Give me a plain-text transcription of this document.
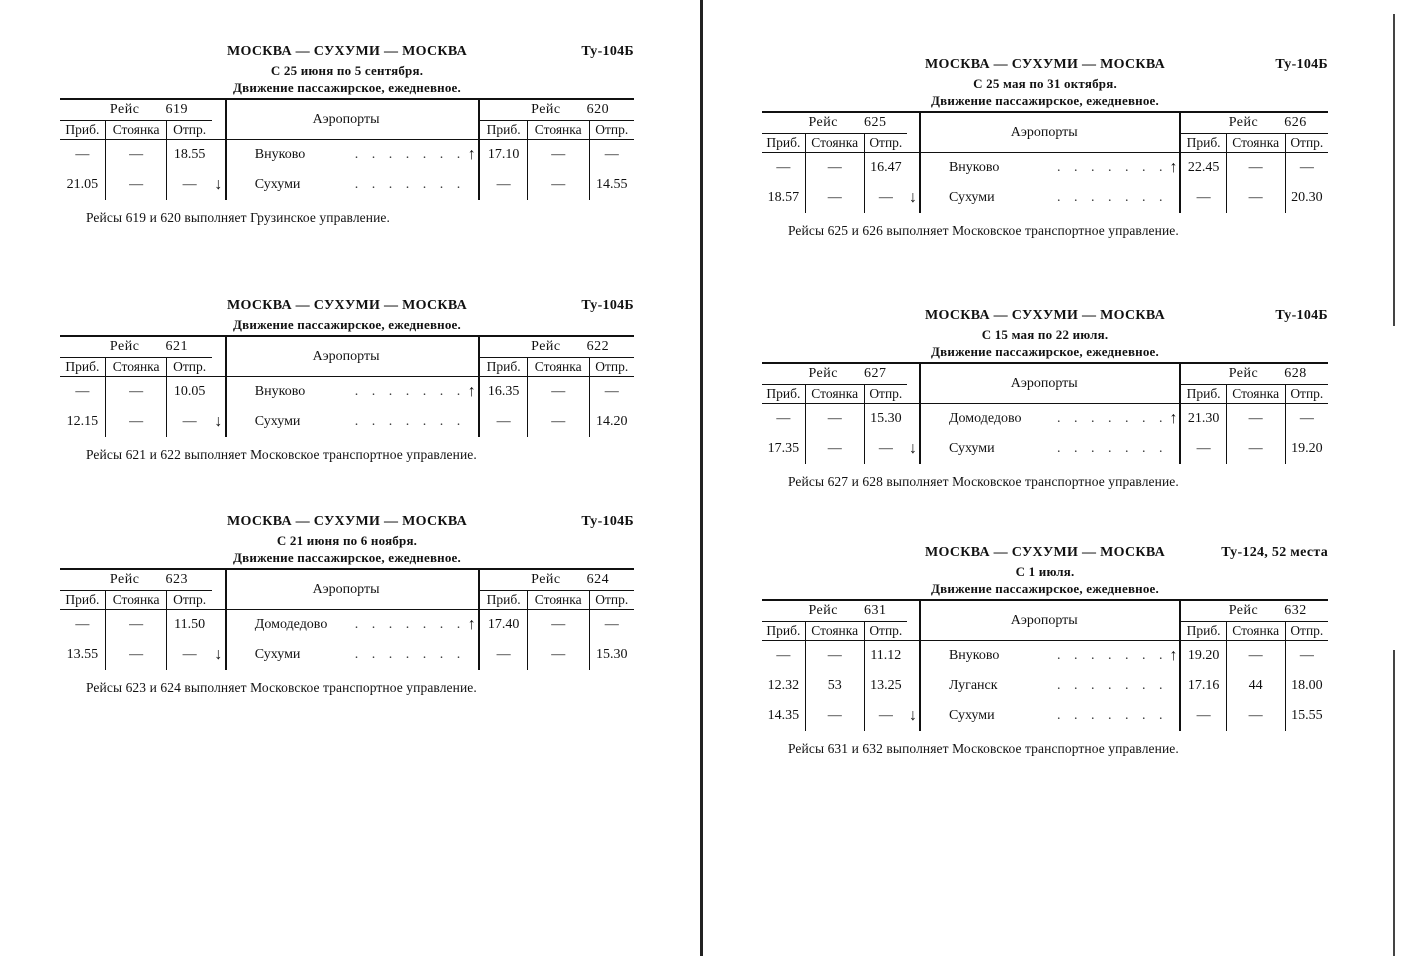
МОСКВА — СУХУМИ — МОСКВА	Ту-104Б
С 25 июня по 5 сентября.
Движение пассажирское, ежедневное.
Рейс 619				Аэропорты		Рейс 620		
Приб.	Стоянка	Отпр.				Приб.	Стоянка	Отпр.
—	—	18.55		Внуково . . . . . . .	↑	17.10	—	—
21.05	—	—	↓	Сухуми . . . . . . .		—	—	14.55
Рейсы 619 и 620 выполняет Грузинское управление.
МОСКВА — СУХУМИ — МОСКВА	Ту-104Б
Движение пассажирское, ежедневное.
Рейс 621				Аэропорты		Рейс 622		
Приб.	Стоянка	Отпр.				Приб.	Стоянка	Отпр.
—	—	10.05		Внуково . . . . . . .	↑	16.35	—	—
12.15	—	—	↓	Сухуми . . . . . . .		—	—	14.20
Рейсы 621 и 622 выполняет Московское транспортное управление.
МОСКВА — СУХУМИ — МОСКВА	Ту-104Б
С 21 июня по 6 ноября.
Движение пассажирское, ежедневное.
Рейс 623				Аэропорты		Рейс 624		
Приб.	Стоянка	Отпр.				Приб.	Стоянка	Отпр.
—	—	11.50		Домодедово . . . . . . .	↑	17.40	—	—
13.55	—	—	↓	Сухуми . . . . . . .		—	—	15.30
Рейсы 623 и 624 выполняет Московское транспортное управление.
МОСКВА — СУХУМИ — МОСКВА	Ту-104Б
С 25 мая по 31 октября.
Движение пассажирское, ежедневное.
Рейс 625				Аэропорты		Рейс 626		
Приб.	Стоянка	Отпр.				Приб.	Стоянка	Отпр.
—	—	16.47		Внуково . . . . . . .	↑	22.45	—	—
18.57	—	—	↓	Сухуми . . . . . . .		—	—	20.30
Рейсы 625 и 626 выполняет Московское транспортное управление.
МОСКВА — СУХУМИ — МОСКВА	Ту-104Б
С 15 мая по 22 июля.
Движение пассажирское, ежедневное.
Рейс 627				Аэропорты		Рейс 628		
Приб.	Стоянка	Отпр.				Приб.	Стоянка	Отпр.
—	—	15.30		Домодедово . . . . . . .	↑	21.30	—	—
17.35	—	—	↓	Сухуми . . . . . . .		—	—	19.20
Рейсы 627 и 628 выполняет Московское транспортное управление.
МОСКВА — СУХУМИ — МОСКВА	Ту-124, 52 места
С 1 июля.
Движение пассажирское, ежедневное.
Рейс 631				Аэропорты		Рейс 632		
Приб.	Стоянка	Отпр.				Приб.	Стоянка	Отпр.
—	—	11.12		Внуково . . . . . . .	↑	19.20	—	—
12.32	53	13.25		Луганск . . . . . . .		17.16	44	18.00
14.35	—	—	↓	Сухуми . . . . . . .		—	—	15.55
Рейсы 631 и 632 выполняет Московское транспортное управление.
